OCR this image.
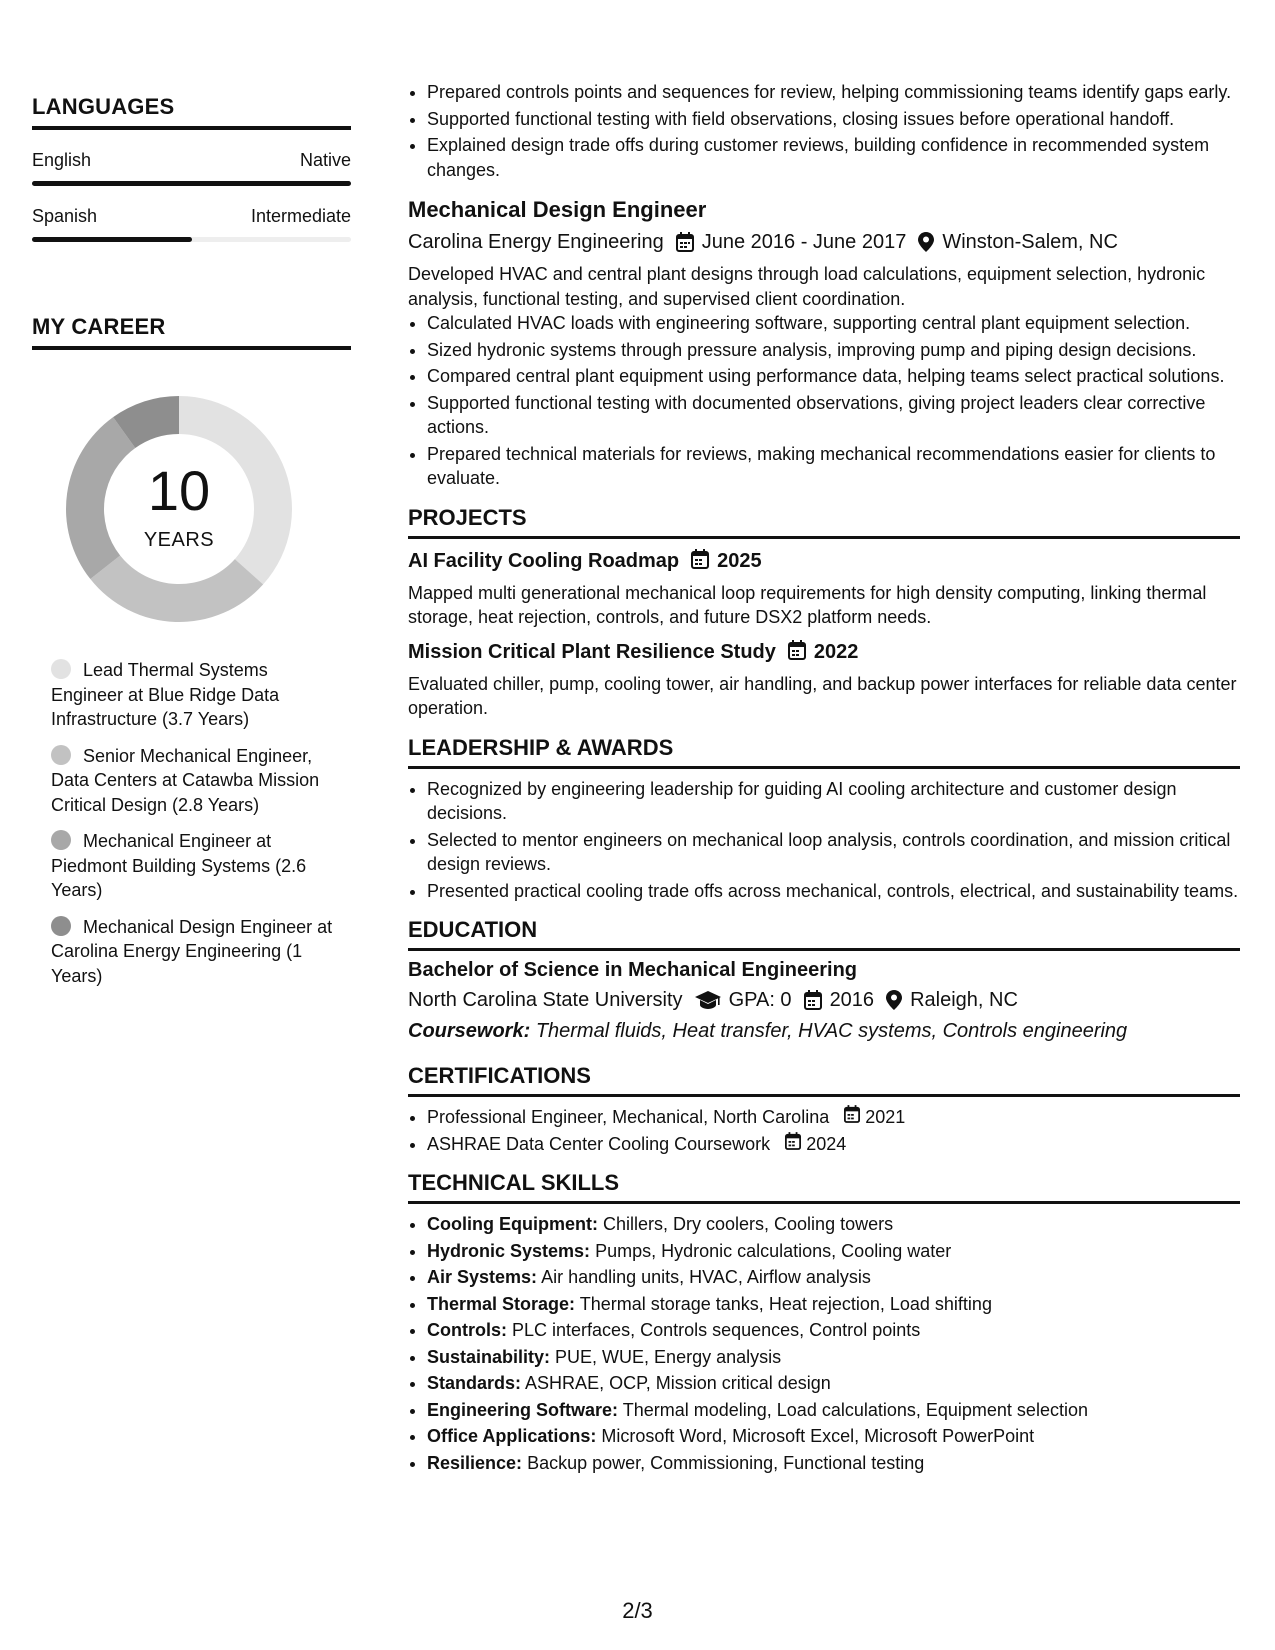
LANGUAGES
English	Native
Spanish	Intermediate
MY CAREER
10
YEARS
Lead Thermal Systems Engineer at Blue Ridge Data Infrastructure (3.7 Years)
Senior Mechanical Engineer, Data Centers at Catawba Mission Critical Design (2.8 Years)
Mechanical Engineer at Piedmont Building Systems (2.6 Years)
Mechanical Design Engineer at Carolina Energy Engineering (1 Years)
• Prepared controls points and sequences for review, helping commissioning teams identify gaps early.
• Supported functional testing with field observations, closing issues before operational handoff.
• Explained design trade offs during customer reviews, building confidence in recommended system changes.
Mechanical Design Engineer
Carolina Energy Engineering June 2016 - June 2017 Winston-Salem, NC
Developed HVAC and central plant designs through load calculations, equipment selection, hydronic analysis, functional testing, and supervised client coordination.
• Calculated HVAC loads with engineering software, supporting central plant equipment selection.
• Sized hydronic systems through pressure analysis, improving pump and piping design decisions.
• Compared central plant equipment using performance data, helping teams select practical solutions.
• Supported functional testing with documented observations, giving project leaders clear corrective actions.
• Prepared technical materials for reviews, making mechanical recommendations easier for clients to evaluate.
PROJECTS
AI Facility Cooling Roadmap 2025
Mapped multi generational mechanical loop requirements for high density computing, linking thermal storage, heat rejection, controls, and future DSX2 platform needs.
Mission Critical Plant Resilience Study 2022
Evaluated chiller, pump, cooling tower, air handling, and backup power interfaces for reliable data center operation.
LEADERSHIP & AWARDS
• Recognized by engineering leadership for guiding AI cooling architecture and customer design decisions.
• Selected to mentor engineers on mechanical loop analysis, controls coordination, and mission critical design reviews.
• Presented practical cooling trade offs across mechanical, controls, electrical, and sustainability teams.
EDUCATION
Bachelor of Science in Mechanical Engineering
North Carolina State University GPA: 0 2016 Raleigh, NC
Coursework: Thermal fluids, Heat transfer, HVAC systems, Controls engineering
CERTIFICATIONS
• Professional Engineer, Mechanical, North Carolina 2021
• ASHRAE Data Center Cooling Coursework 2024
TECHNICAL SKILLS
• Cooling Equipment: Chillers, Dry coolers, Cooling towers
• Hydronic Systems: Pumps, Hydronic calculations, Cooling water
• Air Systems: Air handling units, HVAC, Airflow analysis
• Thermal Storage: Thermal storage tanks, Heat rejection, Load shifting
• Controls: PLC interfaces, Controls sequences, Control points
• Sustainability: PUE, WUE, Energy analysis
• Standards: ASHRAE, OCP, Mission critical design
• Engineering Software: Thermal modeling, Load calculations, Equipment selection
• Office Applications: Microsoft Word, Microsoft Excel, Microsoft PowerPoint
• Resilience: Backup power, Commissioning, Functional testing
2/3
